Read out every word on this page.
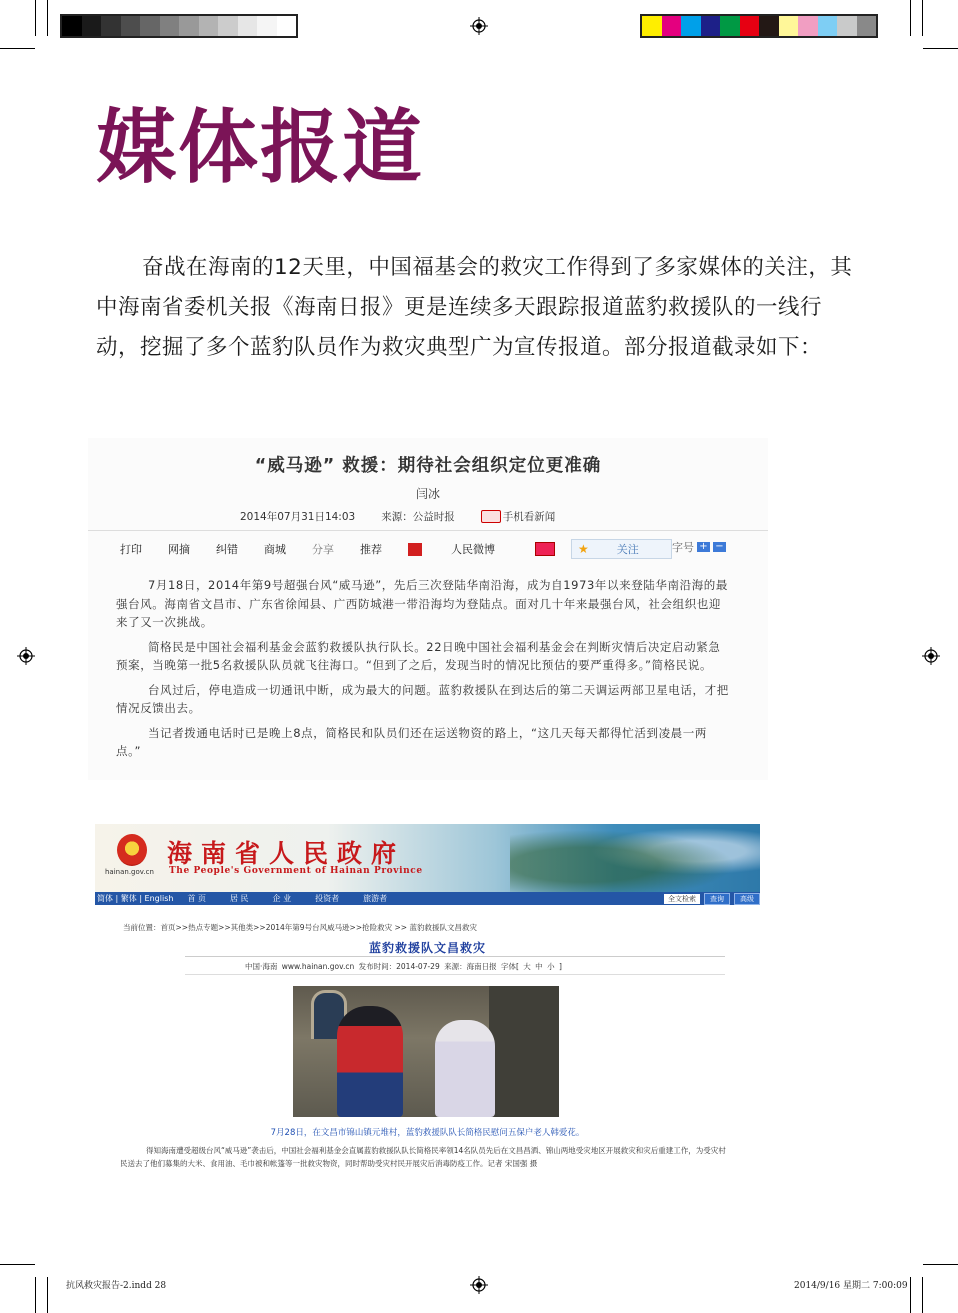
媒体报道

奋战在海南的12天里，中国福基会的救灾工作得到了多家媒体的关注，其中海南省委机关报《海南日报》更是连续多天跟踪报道蓝豹救援队的一线行动，挖掘了多个蓝豹队员作为救灾典型广为宣传报道。部分报道截录如下：

“威马逊” 救援：期待社会组织定位更准确
闫冰
2014年07月31日14:03 来源：公益时报	手机看新闻
打印 网摘 纠错 商城 分享 推荐	人民微博	★	关注	字号 + −

7月18日，2014年第9号超强台风“威马逊”，先后三次登陆华南沿海，成为自1973年以来登陆华南沿海的最强台风。海南省文昌市、广东省徐闻县、广西防城港一带沿海均为登陆点。面对几十年来最强台风，社会组织也迎来了又一次挑战。

简格民是中国社会福利基金会蓝豹救援队执行队长。22日晚中国社会福利基金会在判断灾情后决定启动紧急预案，当晚第一批5名救援队队员就飞往海口。“但到了之后，发现当时的情况比预估的要严重得多。”简格民说。

台风过后，停电造成一切通讯中断，成为最大的问题。蓝豹救援队在到达后的第二天调运两部卫星电话，才把情况反馈出去。

当记者拨通电话时已是晚上8点，简格民和队员们还在运送物资的路上，“这几天每天都得忙活到凌晨一两点。”

hainan.gov.cn
海南省人民政府
The People's Government of Hainan Province
简体 | 繁体 | English 首 页	居 民	企 业	投资者	旅游者	全文检索	查询	高级
当前位置：首页>>热点专题>>其他类>>2014年第9号台风威马逊>>抢险救灾 >> 蓝豹救援队文昌救灾
蓝豹救援队文昌救灾
中国·海南 www.hainan.gov.cn 发布时间：2014-07-29 来源：海南日报 字体[ 大 中 小 ]
7月28日，在文昌市锦山镇元堆村，蓝豹救援队队长简格民慰问五保户老人韩爱花。
得知海南遭受超级台风“威马逊”袭击后，中国社会福利基金会直属蓝豹救援队队长简格民率领14名队员先后在文昌昌洒、锦山两地受灾地区开展救灾和灾后重建工作，为受灾村民送去了他们募集的大米、食用油、毛巾被和帐篷等一批救灾物资，同时帮助受灾村民开展灾后消毒防疫工作。记者 宋国强 摄
抗风救灾报告-2.indd 28	2014/9/16 星期二 7:00:09
